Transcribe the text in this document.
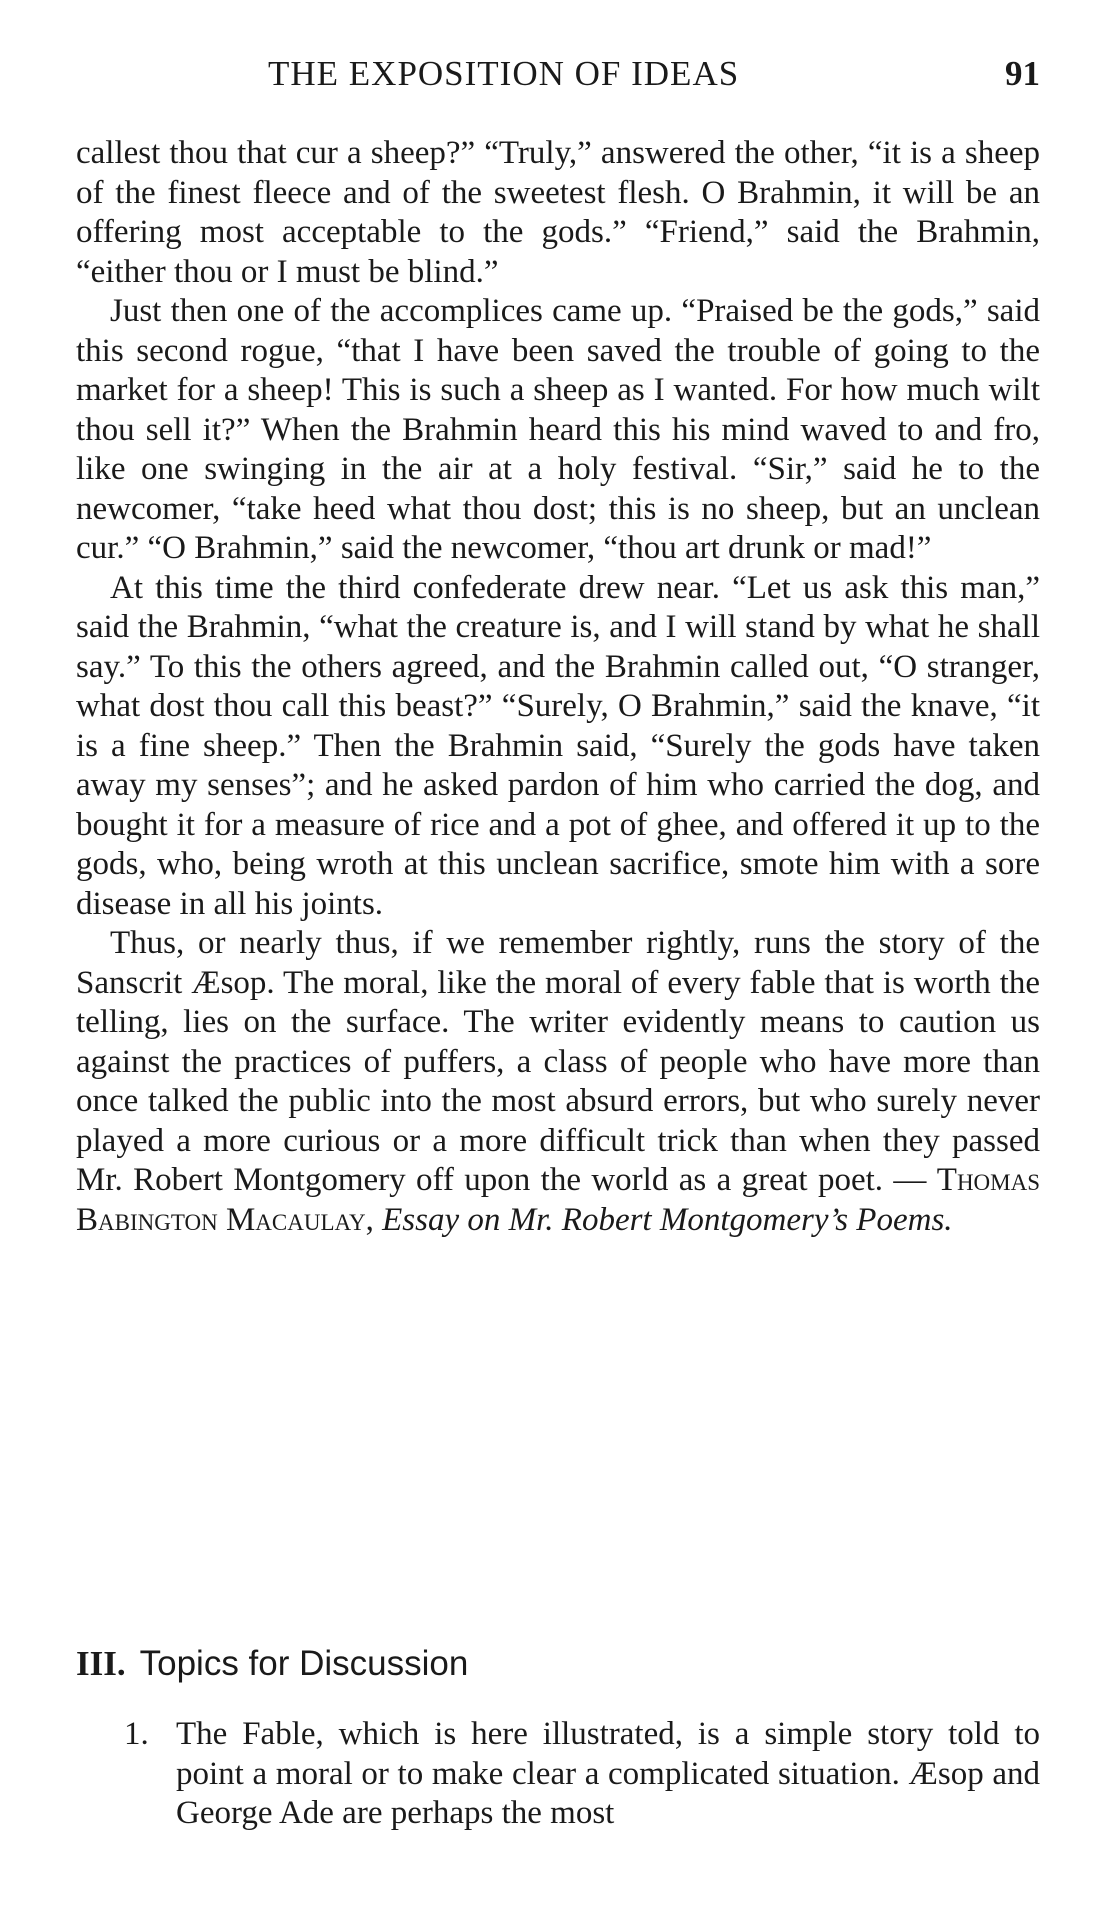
THE EXPOSITION OF IDEAS	91

callest thou that cur a sheep?” “Truly,” answered the other, “it is a sheep of the finest fleece and of the sweetest flesh. O Brahmin, it will be an offering most acceptable to the gods.” “Friend,” said the Brahmin, “either thou or I must be blind.”

Just then one of the accomplices came up. “Praised be the gods,” said this second rogue, “that I have been saved the trouble of going to the market for a sheep! This is such a sheep as I wanted. For how much wilt thou sell it?” When the Brahmin heard this his mind waved to and fro, like one swinging in the air at a holy festival. “Sir,” said he to the newcomer, “take heed what thou dost; this is no sheep, but an unclean cur.” “O Brahmin,” said the newcomer, “thou art drunk or mad!”

At this time the third confederate drew near. “Let us ask this man,” said the Brahmin, “what the creature is, and I will stand by what he shall say.” To this the others agreed, and the Brahmin called out, “O stranger, what dost thou call this beast?” “Surely, O Brahmin,” said the knave, “it is a fine sheep.” Then the Brahmin said, “Surely the gods have taken away my senses”; and he asked pardon of him who carried the dog, and bought it for a measure of rice and a pot of ghee, and offered it up to the gods, who, being wroth at this unclean sacrifice, smote him with a sore disease in all his joints.

Thus, or nearly thus, if we remember rightly, runs the story of the Sanscrit Æsop. The moral, like the moral of every fable that is worth the telling, lies on the surface. The writer evidently means to caution us against the practices of puffers, a class of people who have more than once talked the public into the most absurd errors, but who surely never played a more curious or a more difficult trick than when they passed Mr. Robert Montgomery off upon the world as a great poet. — Thomas Babington Macaulay, Essay on Mr. Robert Montgomery’s Poems.

III. Topics for Discussion
1. The Fable, which is here illustrated, is a simple story told to point a moral or to make clear a complicated situation. Æsop and George Ade are perhaps the most
